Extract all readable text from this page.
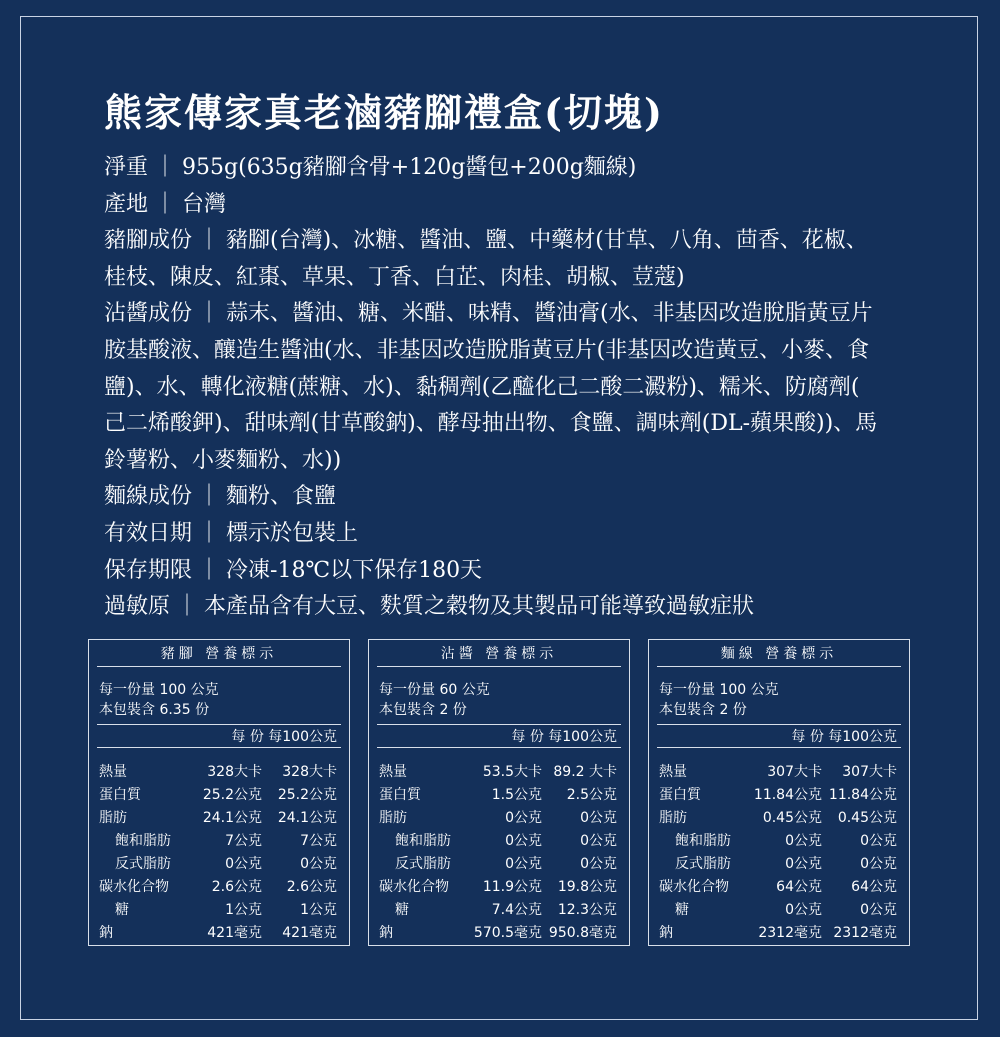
熊家傳家真老滷豬腳禮盒(切塊)
淨重 ｜ 955g(635g豬腳含骨+120g醬包+200g麵線)
產地 ｜ 台灣
豬腳成份 ｜ 豬腳(台灣)、冰糖、醬油、鹽、中藥材(甘草、八角、茴香、花椒、
桂枝、陳皮、紅棗、草果、丁香、白芷、肉桂、胡椒、荳蔻)
沾醬成份 ｜ 蒜末、醬油、糖、米醋、味精、醬油膏(水、非基因改造脫脂黃豆片
胺基酸液、釀造生醬油(水、非基因改造脫脂黃豆片(非基因改造黃豆、小麥、食
鹽)、水、轉化液糖(蔗糖、水)、黏稠劑(乙醯化己二酸二澱粉)、糯米、防腐劑(
己二烯酸鉀)、甜味劑(甘草酸鈉)、酵母抽出物、食鹽、調味劑(DL-蘋果酸))、馬
鈴薯粉、小麥麵粉、水))
麵線成份 ｜ 麵粉、食鹽
有效日期 ｜ 標示於包裝上
保存期限 ｜ 冷凍-18℃以下保存180天
過敏原 ｜ 本產品含有大豆、麩質之穀物及其製品可能導致過敏症狀
豬腳 營養標示
每一份量 100 公克
本包裝含 6.35 份
每 份 每100公克
熱量	328大卡	328大卡
蛋白質	25.2公克	25.2公克
脂肪	24.1公克	24.1公克
飽和脂肪	7公克	7公克
反式脂肪	0公克	0公克
碳水化合物	2.6公克	2.6公克
糖	1公克	1公克
鈉	421毫克	421毫克
沾醬 營養標示
每一份量 60 公克
本包裝含 2 份
每 份 每100公克
熱量	53.5大卡 89.2 大卡
蛋白質	1.5公克	2.5公克
脂肪	0公克	0公克
飽和脂肪	0公克	0公克
反式脂肪	0公克	0公克
碳水化合物	11.9公克	19.8公克
糖	7.4公克	12.3公克
鈉	570.5毫克 950.8毫克
麵線 營養標示
每一份量 100 公克
本包裝含 2 份
每 份 每100公克
熱量	307大卡	307大卡
蛋白質	11.84公克 11.84公克
脂肪	0.45公克	0.45公克
飽和脂肪	0公克	0公克
反式脂肪	0公克	0公克
碳水化合物	64公克	64公克
糖	0公克	0公克
鈉	2312毫克 2312毫克
